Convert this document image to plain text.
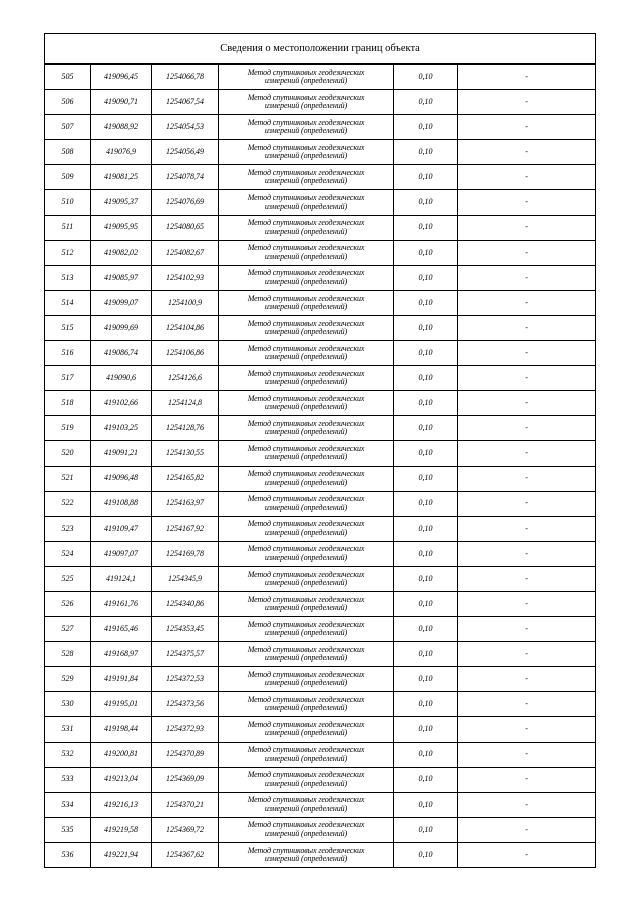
Сведения о местоположении границ объекта					
505	419096,45	1254066,78	Метод спутниковых геодезических
измерений (определений)	0,10	-
506	419090,71	1254067,54	Метод спутниковых геодезических
измерений (определений)	0,10	-
507	419088,92	1254054,53	Метод спутниковых геодезических
измерений (определений)	0,10	-
508	419076,9	1254056,49	Метод спутниковых геодезических
измерений (определений)	0,10	-
509	419081,25	1254078,74	Метод спутниковых геодезических
измерений (определений)	0,10	-
510	419095,37	1254076,69	Метод спутниковых геодезических
измерений (определений)	0,10	-
511	419095,95	1254080,65	Метод спутниковых геодезических
измерений (определений)	0,10	-
512	419082,02	1254082,67	Метод спутниковых геодезических
измерений (определений)	0,10	-
513	419085,97	1254102,93	Метод спутниковых геодезических
измерений (определений)	0,10	-
514	419099,07	1254100,9	Метод спутниковых геодезических
измерений (определений)	0,10	-
515	419099,69	1254104,86	Метод спутниковых геодезических
измерений (определений)	0,10	-
516	419086,74	1254106,86	Метод спутниковых геодезических
измерений (определений)	0,10	-
517	419090,6	1254126,6	Метод спутниковых геодезических
измерений (определений)	0,10	-
518	419102,66	1254124,8	Метод спутниковых геодезических
измерений (определений)	0,10	-
519	419103,25	1254128,76	Метод спутниковых геодезических
измерений (определений)	0,10	-
520	419091,21	1254130,55	Метод спутниковых геодезических
измерений (определений)	0,10	-
521	419096,48	1254165,82	Метод спутниковых геодезических
измерений (определений)	0,10	-
522	419108,88	1254163,97	Метод спутниковых геодезических
измерений (определений)	0,10	-
523	419109,47	1254167,92	Метод спутниковых геодезических
измерений (определений)	0,10	-
524	419097,07	1254169,78	Метод спутниковых геодезических
измерений (определений)	0,10	-
525	419124,1	1254345,9	Метод спутниковых геодезических
измерений (определений)	0,10	-
526	419161,76	1254340,86	Метод спутниковых геодезических
измерений (определений)	0,10	-
527	419165,46	1254353,45	Метод спутниковых геодезических
измерений (определений)	0,10	-
528	419168,97	1254375,57	Метод спутниковых геодезических
измерений (определений)	0,10	-
529	419191,84	1254372,53	Метод спутниковых геодезических
измерений (определений)	0,10	-
530	419195,01	1254373,56	Метод спутниковых геодезических
измерений (определений)	0,10	-
531	419198,44	1254372,93	Метод спутниковых геодезических
измерений (определений)	0,10	-
532	419200,81	1254370,89	Метод спутниковых геодезических
измерений (определений)	0,10	-
533	419213,04	1254369,09	Метод спутниковых геодезических
измерений (определений)	0,10	-
534	419216,13	1254370,21	Метод спутниковых геодезических
измерений (определений)	0,10	-
535	419219,58	1254369,72	Метод спутниковых геодезических
измерений (определений)	0,10	-
536	419221,94	1254367,62	Метод спутниковых геодезических
измерений (определений)	0,10	-
